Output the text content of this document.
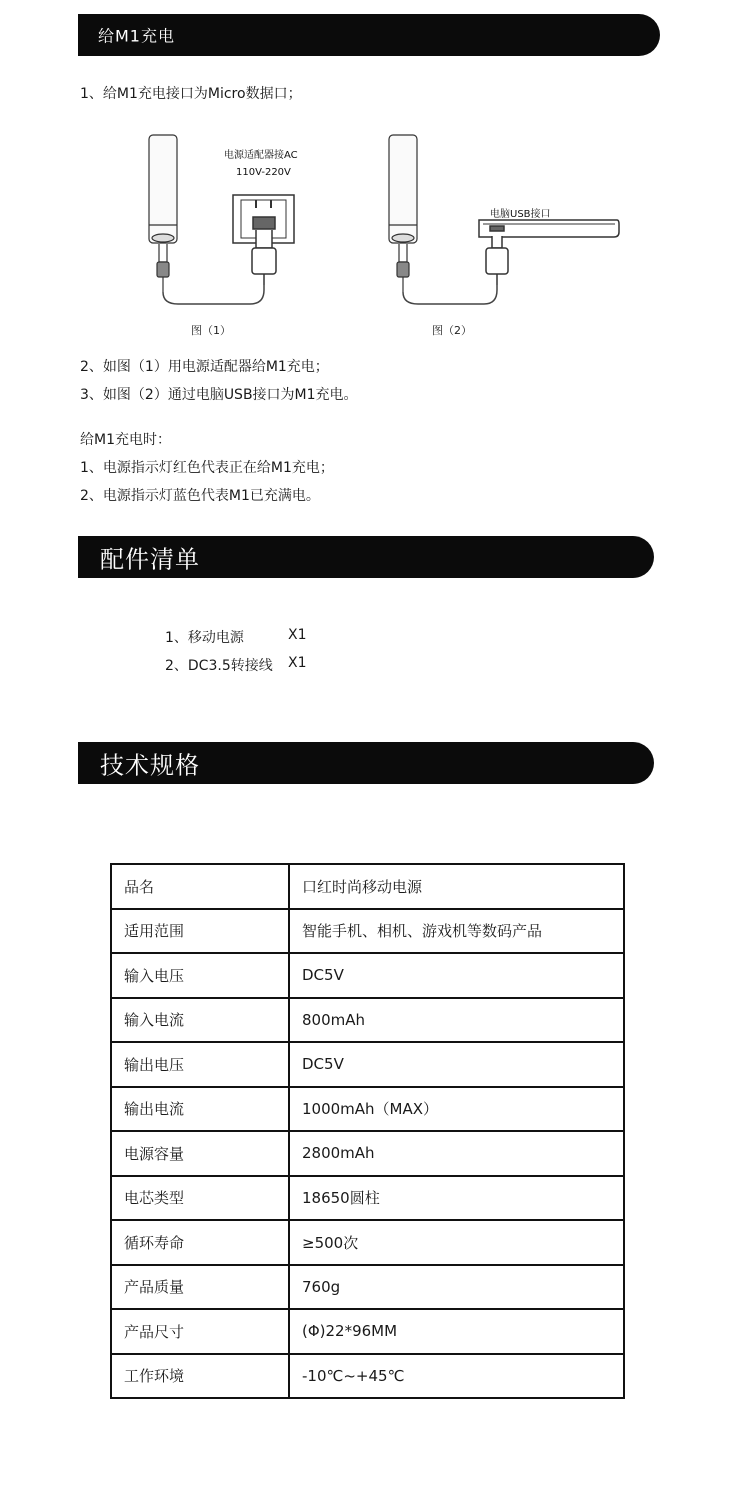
给M1充电
1、给M1充电接口为Micro数据口；
电源适配器接AC
110V-220V
电脑USB接口
图（1）	图（2）
2、如图（1）用电源适配器给M1充电；
3、如图（2）通过电脑USB接口为M1充电。
给M1充电时：
1、电源指示灯红色代表正在给M1充电；
2、电源指示灯蓝色代表M1已充满电。
配件清单
1、移动电源	X1
2、DC3.5转接线 X1
技术规格
品名	口红时尚移动电源
适用范围	智能手机、相机、游戏机等数码产品
输入电压	DC5V
输入电流	800mAh
输出电压	DC5V
输出电流	1000mAh（MAX）
电源容量	2800mAh
电芯类型	18650圆柱
循环寿命	≥500次
产品质量	760g
产品尺寸	(Φ)22*96MM
工作环境	-10℃~+45℃
